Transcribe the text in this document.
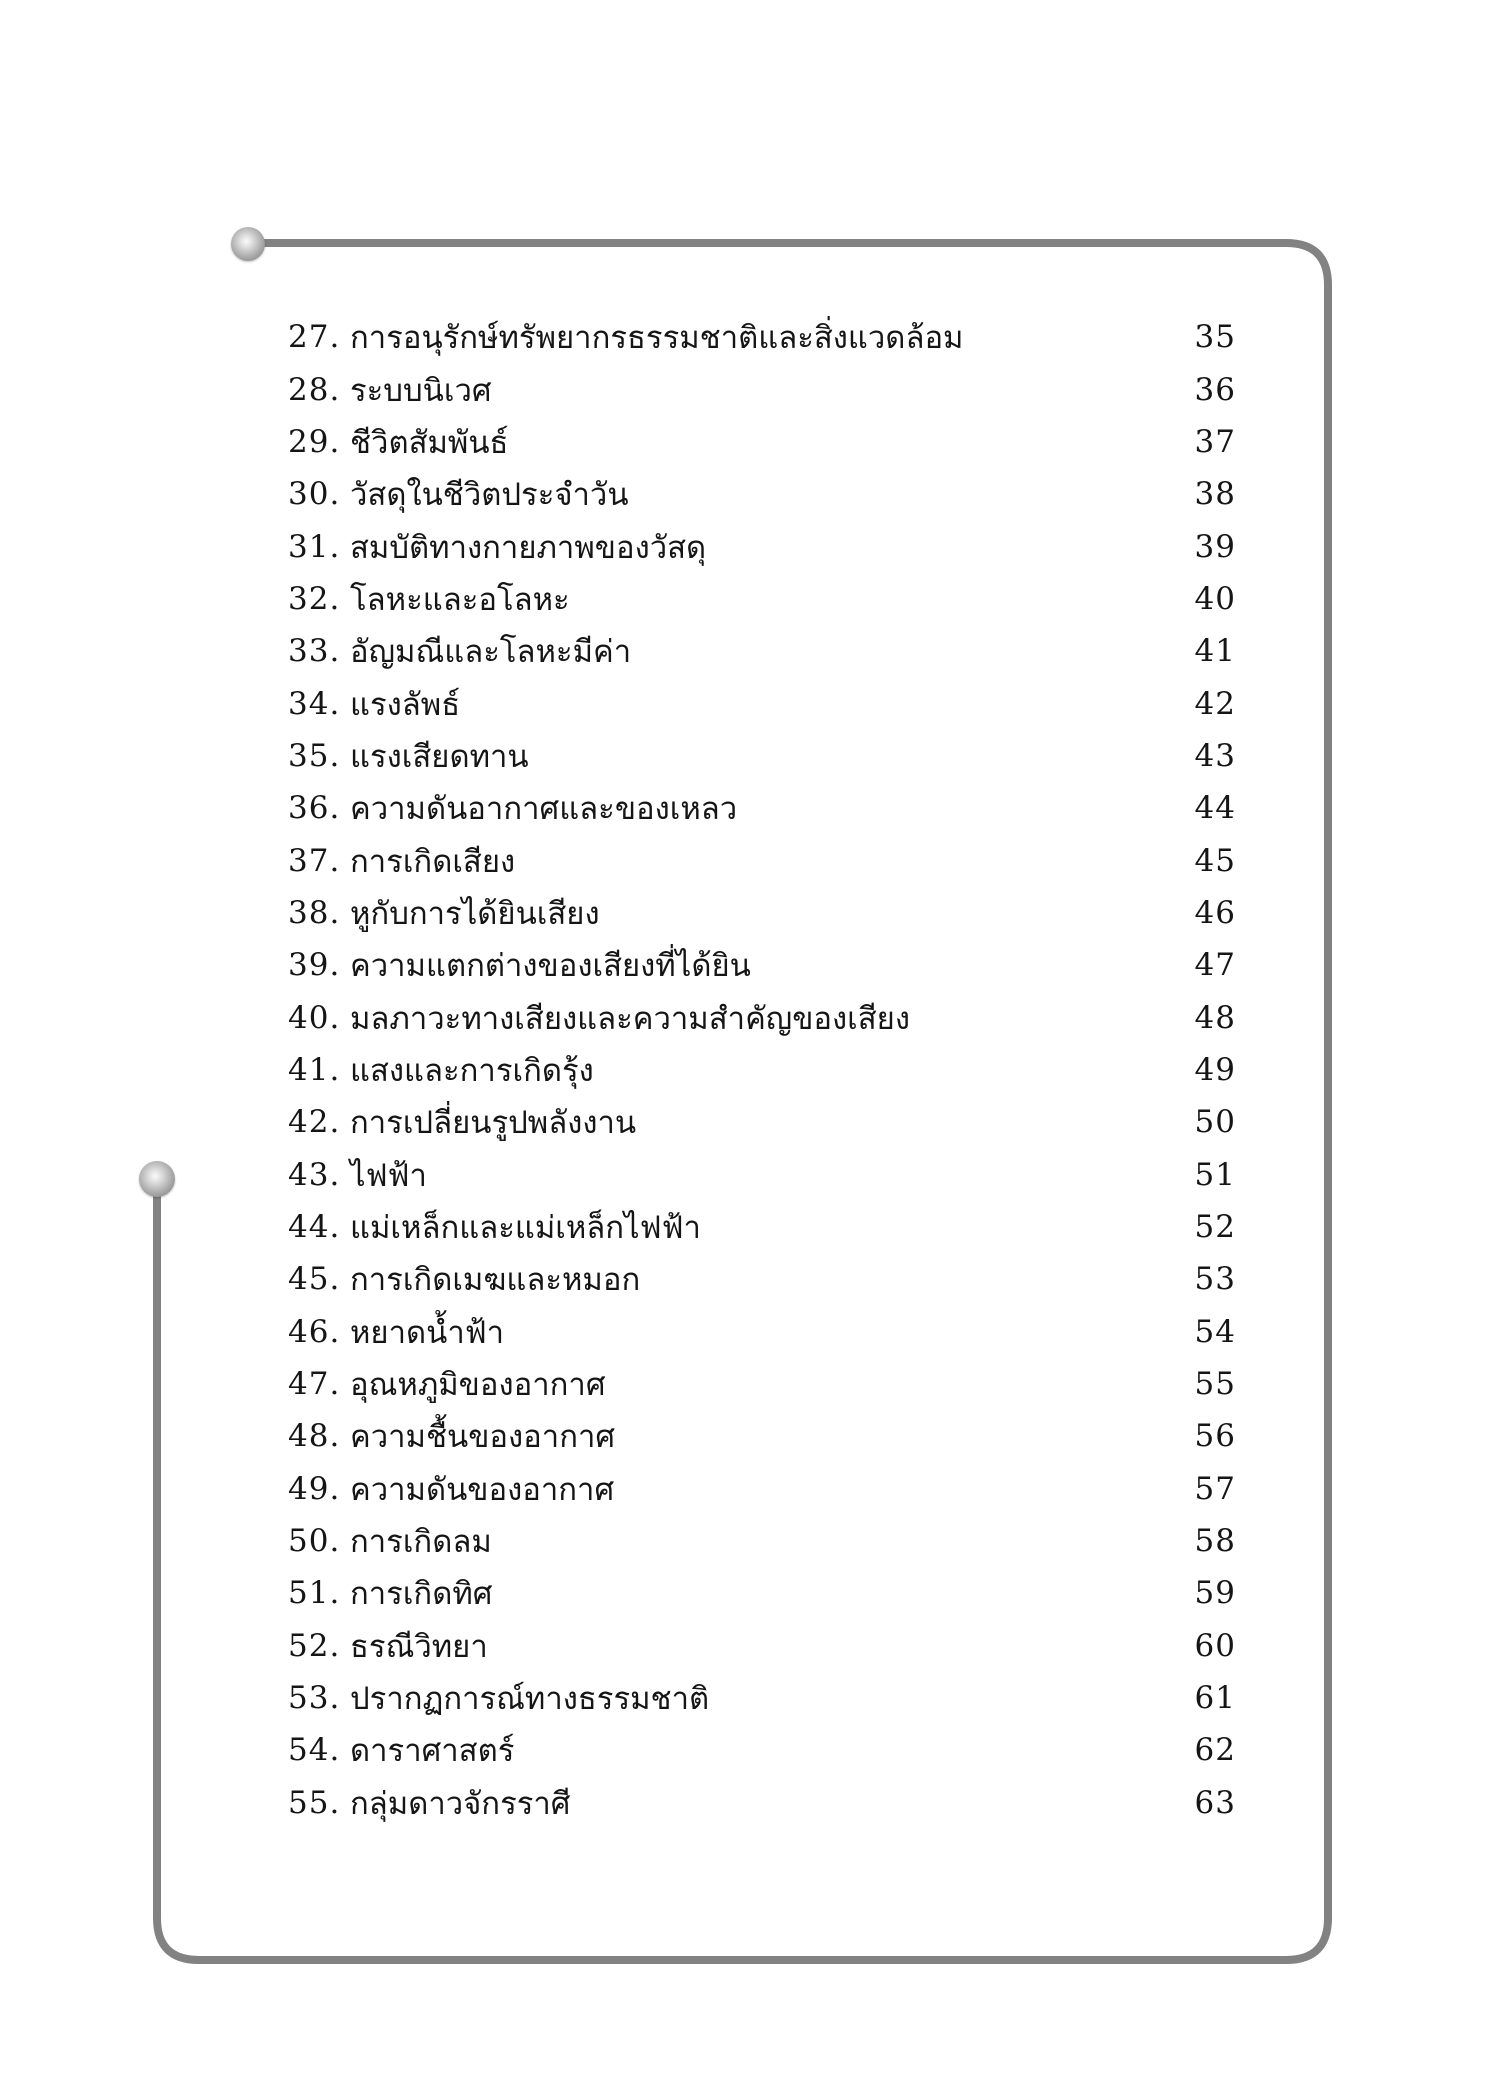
27. การอนุรักษ์ทรัพยากรธรรมชาติและสิ่งแวดล้อม	35
28. ระบบนิเวศ	36
29. ชีวิตสัมพันธ์	37
30. วัสดุในชีวิตประจำวัน	38
31. สมบัติทางกายภาพของวัสดุ	39
32. โลหะและอโลหะ	40
33. อัญมณีและโลหะมีค่า	41
34. แรงลัพธ์	42
35. แรงเสียดทาน	43
36. ความดันอากาศและของเหลว	44
37. การเกิดเสียง	45
38. หูกับการได้ยินเสียง	46
39. ความแตกต่างของเสียงที่ได้ยิน	47
40. มลภาวะทางเสียงและความสำคัญของเสียง	48
41. แสงและการเกิดรุ้ง	49
42. การเปลี่ยนรูปพลังงาน	50
43. ไฟฟ้า	51
44. แม่เหล็กและแม่เหล็กไฟฟ้า	52
45. การเกิดเมฆและหมอก	53
46. หยาดน้ำฟ้า	54
47. อุณหภูมิของอากาศ	55
48. ความชื้นของอากาศ	56
49. ความดันของอากาศ	57
50. การเกิดลม	58
51. การเกิดทิศ	59
52. ธรณีวิทยา	60
53. ปรากฏการณ์ทางธรรมชาติ	61
54. ดาราศาสตร์	62
55. กลุ่มดาวจักรราศี	63
